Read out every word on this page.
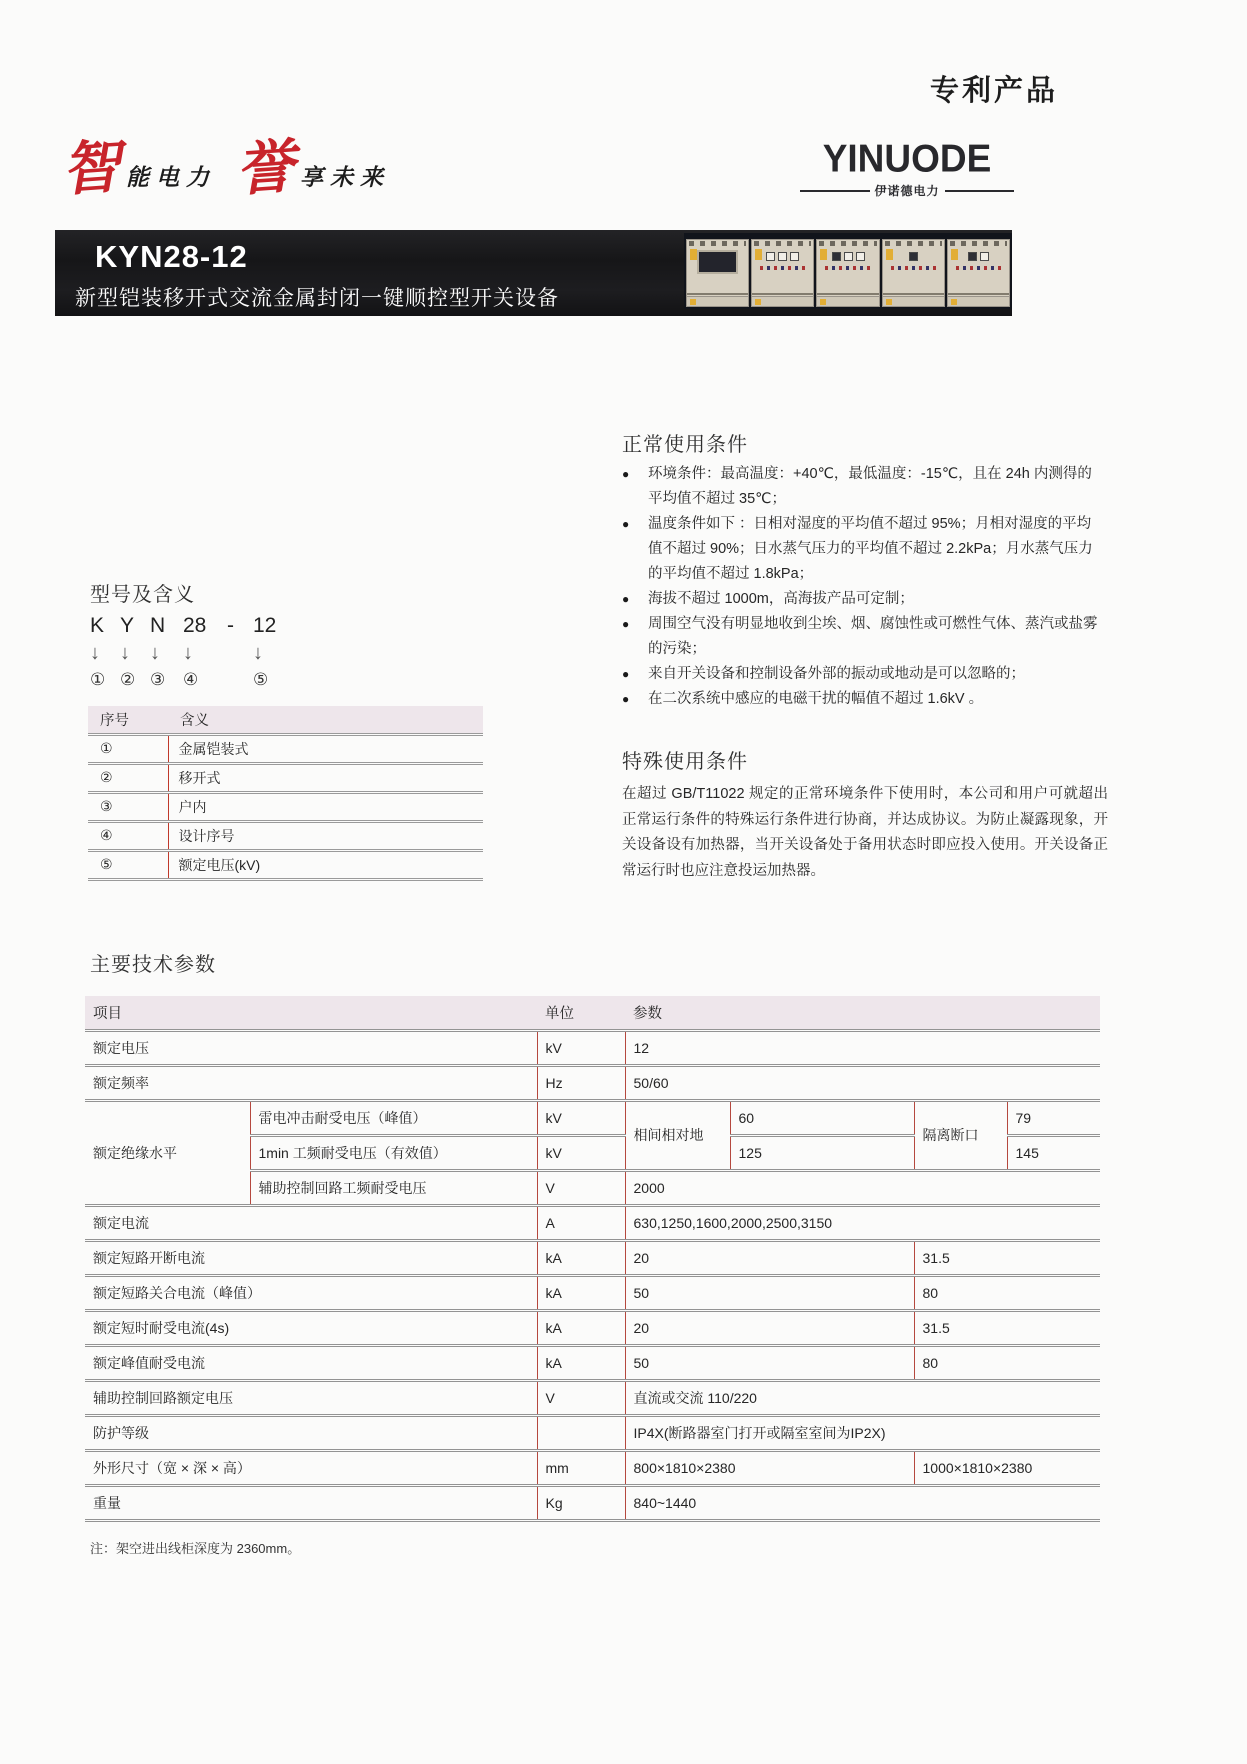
专利产品
智 能电力 誉 享未来	YINUODE
伊诺德电力
KYN28-12
新型铠装移开式交流金属封闭一键顺控型开关设备
型号及含义
K Y N 28 - 12
↓	↓	↓	↓	↓
① ② ③	④	⑤
序号	含义
①	金属铠装式
②	移开式
③	户内
④	设计序号
⑤	额定电压(kV)
正常使用条件
● 环境条件：最高温度：+40℃，最低温度：-15℃，且在 24h 内测得的平均值不超过 35℃；
● 温度条件如下 ：日相对湿度的平均值不超过 95%；月相对湿度的平均值不超过 90%；日水蒸气压力的平均值不超过 2.2kPa；月水蒸气压力的平均值不超过 1.8kPa；
● 海拔不超过 1000m，高海拔产品可定制；
● 周围空气没有明显地收到尘埃、烟、腐蚀性或可燃性气体、蒸汽或盐雾的污染；
● 来自开关设备和控制设备外部的振动或地动是可以忽略的；
● 在二次系统中感应的电磁干扰的幅值不超过 1.6kV 。
特殊使用条件
在超过 GB/T11022 规定的正常环境条件下使用时，本公司和用户可就超出正常运行条件的特殊运行条件进行协商，并达成协议。为防止凝露现象，开关设备设有加热器，当开关设备处于备用状态时即应投入使用。开关设备正常运行时也应注意投运加热器。
主要技术参数
项目		单位	参数			
额定电压		kV	12			
额定频率		Hz	50/60			
额定绝缘水平	雷电冲击耐受电压（峰值）	kV	相间相对地	60	隔离断口	79
	1min 工频耐受电压（有效值）	kV		125		145
	辅助控制回路工频耐受电压	V	2000			
额定电流		A	630,1250,1600,2000,2500,3150			
额定短路开断电流		kA	20		31.5	
额定短路关合电流（峰值）		kA	50		80	
额定短时耐受电流(4s)		kA	20		31.5	
额定峰值耐受电流		kA	50		80	
辅助控制回路额定电压		V	直流或交流 110/220			
防护等级			IP4X(断路器室门打开或隔室室间为IP2X)			
外形尺寸（宽 × 深 × 高）		mm	800×1810×2380		1000×1810×2380	
重量		Kg	840~1440			
注：架空进出线柜深度为 2360mm。
